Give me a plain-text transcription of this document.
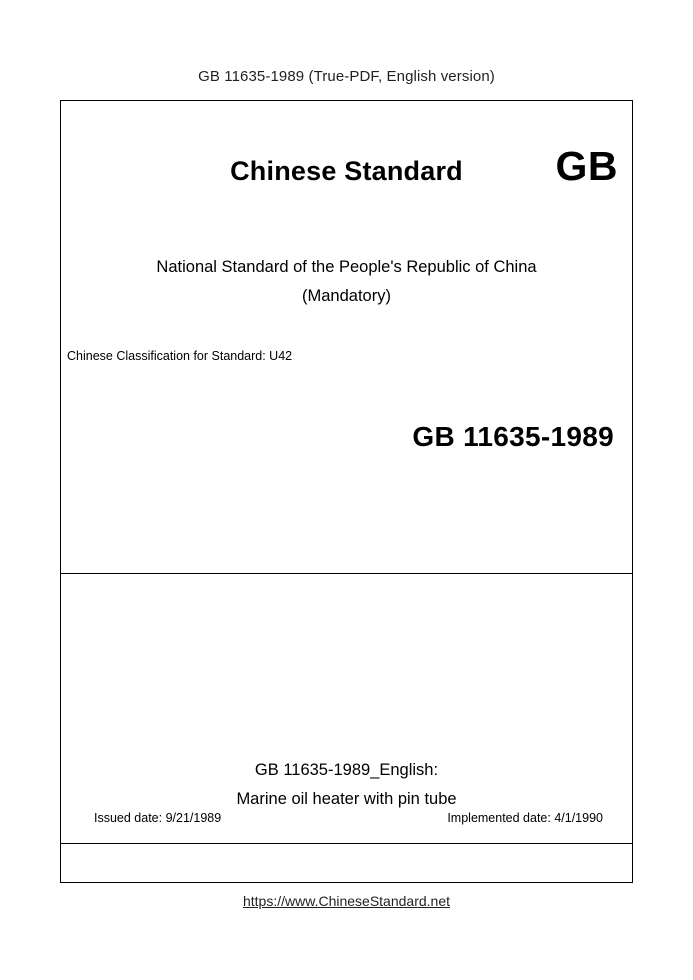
GB 11635-1989 (True-PDF, English version)
Chinese Standard	GB
National Standard of the People's Republic of China
(Mandatory)
Chinese Classification for Standard: U42
GB 11635-1989
GB 11635-1989_English:
Marine oil heater with pin tube
Issued date: 9/21/1989	Implemented date: 4/1/1990
https://www.ChineseStandard.net
